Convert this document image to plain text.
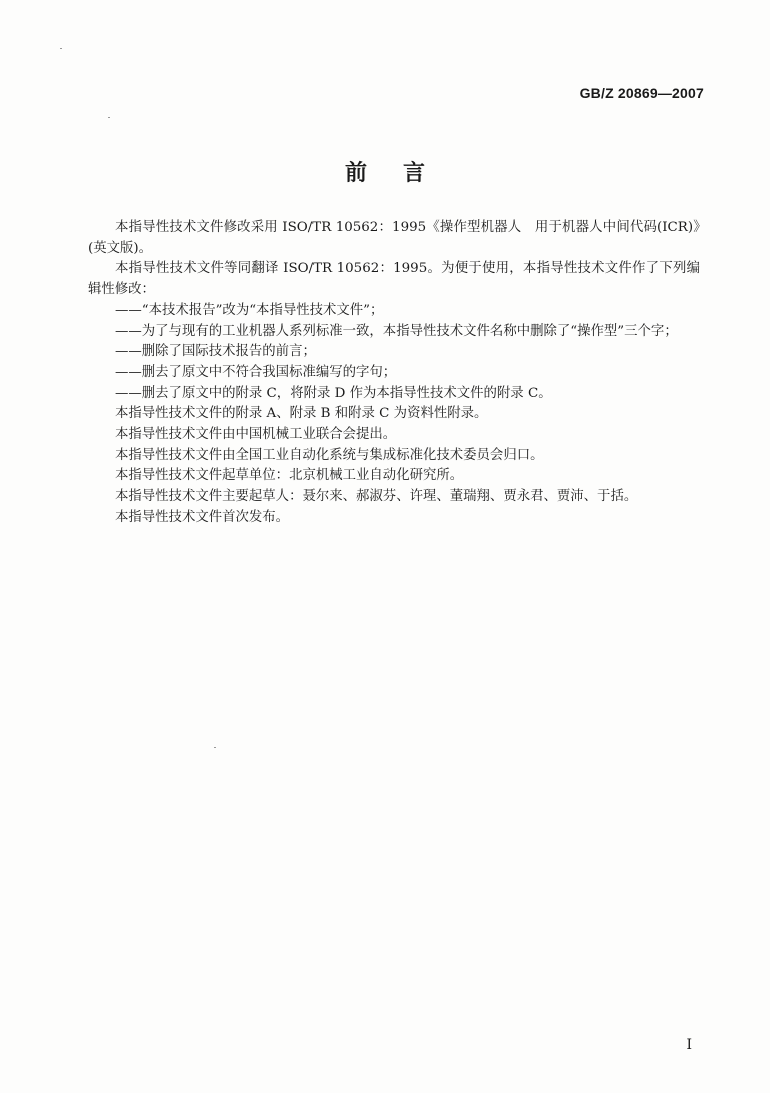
GB/Z 20869—2007
前言

本指导性技术文件修改采用 ISO/TR 10562：1995《操作型机器人　用于机器人中间代码(ICR)》(英文版)。

本指导性技术文件等同翻译 ISO/TR 10562：1995。为便于使用，本指导性技术文件作了下列编辑性修改：

——“本技术报告”改为“本指导性技术文件”；

——为了与现有的工业机器人系列标准一致，本指导性技术文件名称中删除了“操作型”三个字；

——删除了国际技术报告的前言；

——删去了原文中不符合我国标准编写的字句；

——删去了原文中的附录 C，将附录 D 作为本指导性技术文件的附录 C。

本指导性技术文件的附录 A、附录 B 和附录 C 为资料性附录。

本指导性技术文件由中国机械工业联合会提出。

本指导性技术文件由全国工业自动化系统与集成标准化技术委员会归口。

本指导性技术文件起草单位：北京机械工业自动化研究所。

本指导性技术文件主要起草人：聂尔来、郝淑芬、许瑆、董瑞翔、贾永君、贾沛、于括。

本指导性技术文件首次发布。

I
